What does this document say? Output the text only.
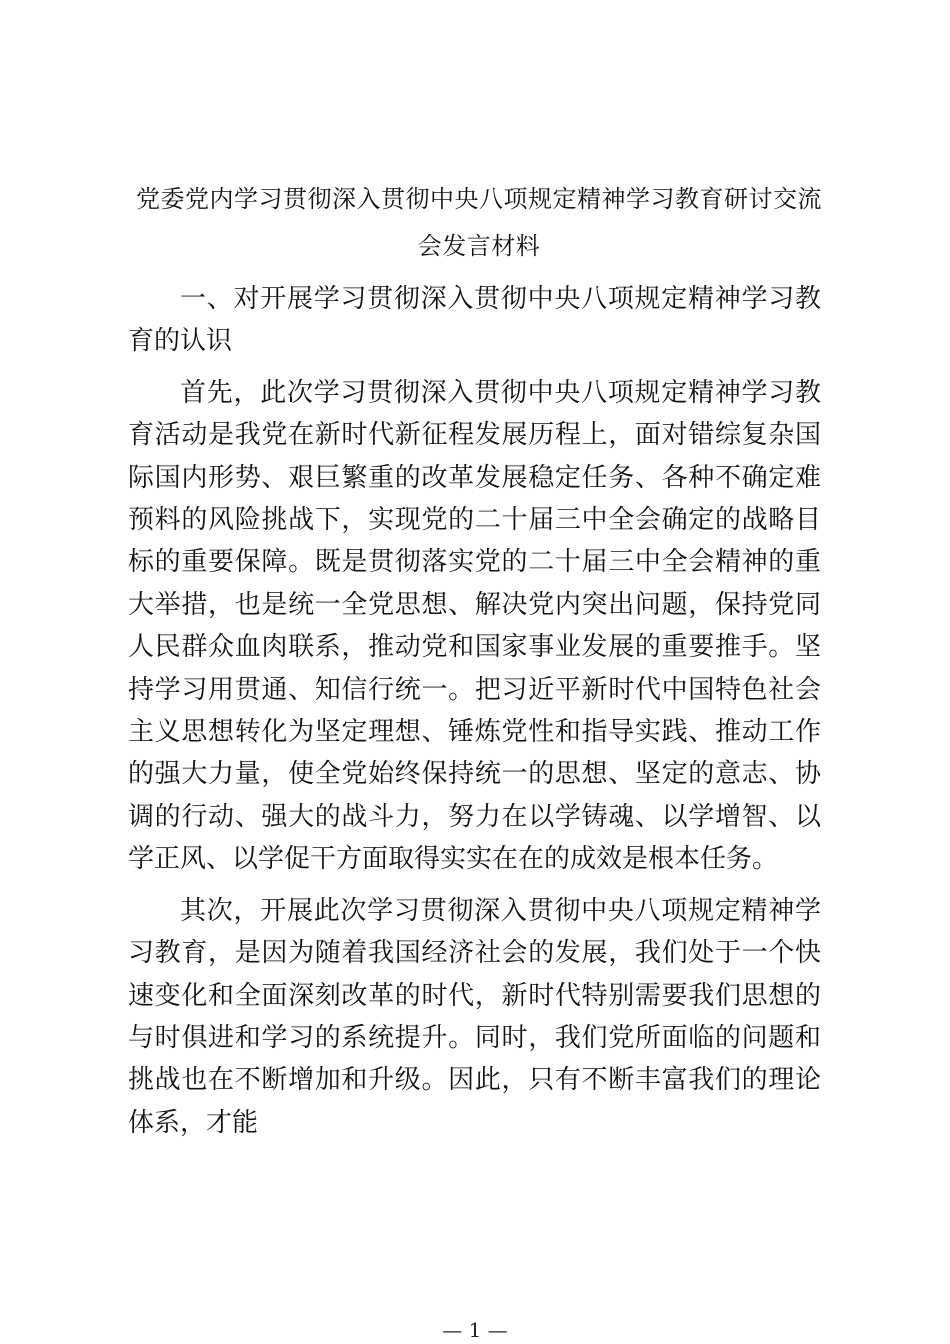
党委党内学习贯彻深入贯彻中央八项规定精神学习教育研讨交流会发言材料

一、对开展学习贯彻深入贯彻中央八项规定精神学习教育的认识

首先，此次学习贯彻深入贯彻中央八项规定精神学习教育活动是我党在新时代新征程发展历程上，面对错综复杂国际国内形势、艰巨繁重的改革发展稳定任务、各种不确定难预料的风险挑战下，实现党的二十届三中全会确定的战略目标的重要保障。既是贯彻落实党的二十届三中全会精神的重大举措，也是统一全党思想、解决党内突出问题，保持党同人民群众血肉联系，推动党和国家事业发展的重要推手。坚持学习用贯通、知信行统一。把习近平新时代中国特色社会主义思想转化为坚定理想、锤炼党性和指导实践、推动工作的强大力量，使全党始终保持统一的思想、坚定的意志、协调的行动、强大的战斗力，努力在以学铸魂、以学增智、以学正风、以学促干方面取得实实在在的成效是根本任务。

其次，开展此次学习贯彻深入贯彻中央八项规定精神学习教育，是因为随着我国经济社会的发展，我们处于一个快速变化和全面深刻改革的时代，新时代特别需要我们思想的与时俱进和学习的系统提升。同时，我们党所面临的问题和挑战也在不断增加和升级。因此，只有不断丰富我们的理论体系，才能

— 1 —
